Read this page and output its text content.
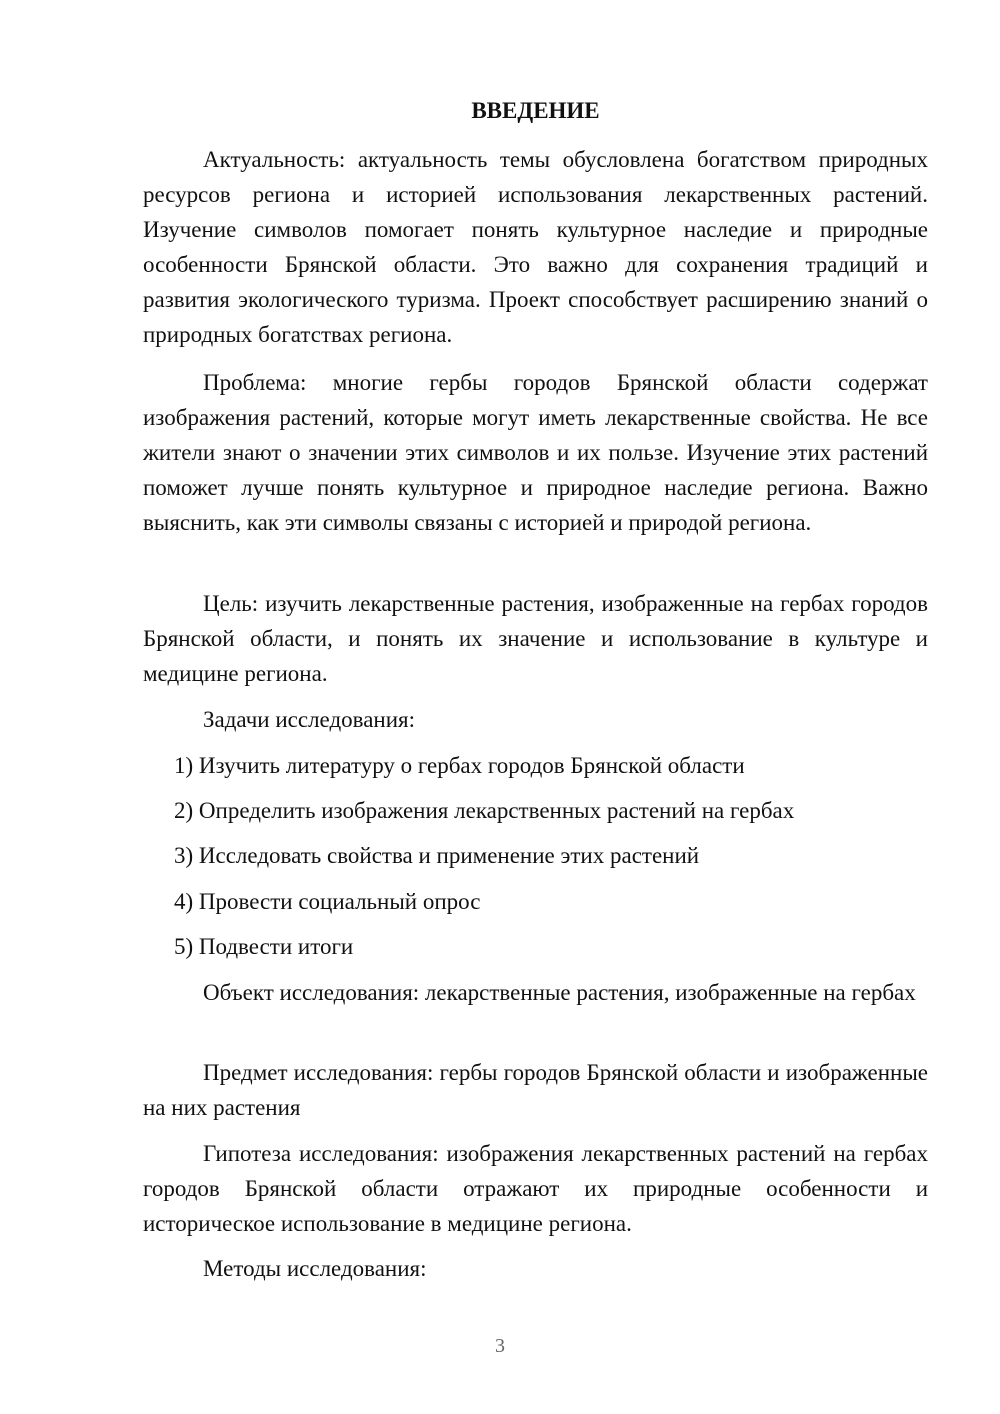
ВВЕДЕНИЕ

Актуальность: актуальность темы обусловлена богатством природных ресурсов региона и историей использования лекарственных растений. Изучение символов помогает понять культурное наследие и природные особенности Брянской области. Это важно для сохранения традиций и развития экологического туризма. Проект способствует расширению знаний о природных богатствах региона.

Проблема: многие гербы городов Брянской области содержат изображения растений, которые могут иметь лекарственные свойства. Не все жители знают о значении этих символов и их пользе. Изучение этих растений поможет лучше понять культурное и природное наследие региона. Важно выяснить, как эти символы связаны с историей и природой региона.

Цель: изучить лекарственные растения, изображенные на гербах городов Брянской области, и понять их значение и использование в культуре и медицине региона.

Задачи исследования:

1) Изучить литературу о гербах городов Брянской области

2) Определить изображения лекарственных растений на гербах

3) Исследовать свойства и применение этих растений

4) Провести социальный опрос

5) Подвести итоги

Объект исследования: лекарственные растения, изображенные на гербах

Предмет исследования: гербы городов Брянской области и изображенные на них растения

Гипотеза исследования: изображения лекарственных растений на гербах городов Брянской области отражают их природные особенности и историческое использование в медицине региона.

Методы исследования:

3
